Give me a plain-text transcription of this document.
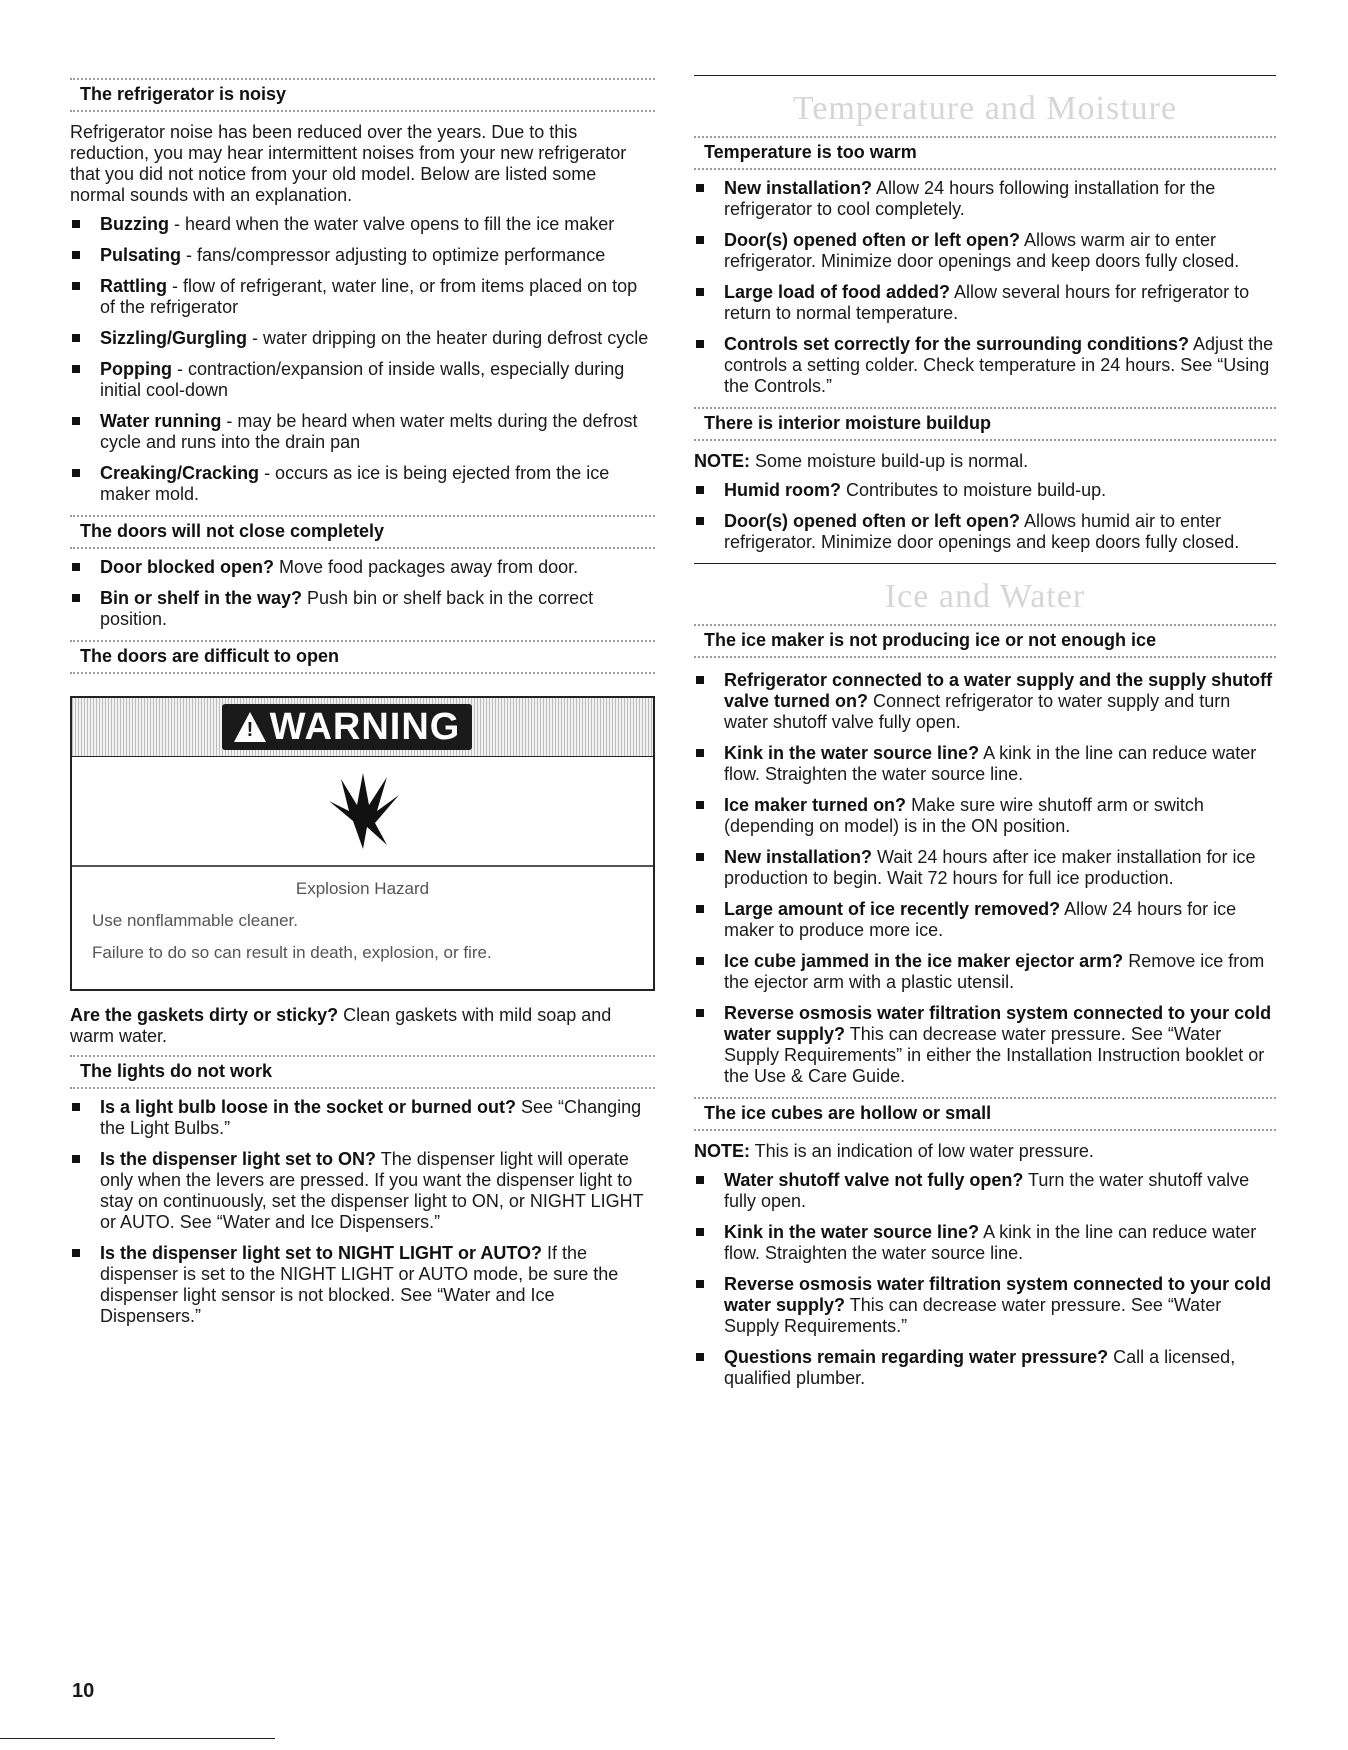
The refrigerator is noisy

Refrigerator noise has been reduced over the years. Due to this reduction, you may hear intermittent noises from your new refrigerator that you did not notice from your old model. Below are listed some normal sounds with an explanation.

Buzzing - heard when the water valve opens to fill the ice maker
Pulsating - fans/compressor adjusting to optimize performance
Rattling - flow of refrigerant, water line, or from items placed on top of the refrigerator
Sizzling/Gurgling - water dripping on the heater during defrost cycle
Popping - contraction/expansion of inside walls, especially during initial cool-down
Water running - may be heard when water melts during the defrost cycle and runs into the drain pan
Creaking/Cracking - occurs as ice is being ejected from the ice maker mold.
The doors will not close completely
Door blocked open? Move food packages away from door.
Bin or shelf in the way? Push bin or shelf back in the correct position.
The doors are difficult to open
! WARNING
Explosion Hazard

Use nonflammable cleaner.

Failure to do so can result in death, explosion, or fire.

Are the gaskets dirty or sticky? Clean gaskets with mild soap and warm water.

The lights do not work
Is a light bulb loose in the socket or burned out? See “Changing the Light Bulbs.”
Is the dispenser light set to ON? The dispenser light will operate only when the levers are pressed. If you want the dispenser light to stay on continuously, set the dispenser light to ON, or NIGHT LIGHT or AUTO. See “Water and Ice Dispensers.”
Is the dispenser light set to NIGHT LIGHT or AUTO? If the dispenser is set to the NIGHT LIGHT or AUTO mode, be sure the dispenser light sensor is not blocked. See “Water and Ice Dispensers.”
Temperature and Moisture
Temperature is too warm
New installation? Allow 24 hours following installation for the refrigerator to cool completely.
Door(s) opened often or left open? Allows warm air to enter refrigerator. Minimize door openings and keep doors fully closed.
Large load of food added? Allow several hours for refrigerator to return to normal temperature.
Controls set correctly for the surrounding conditions? Adjust the controls a setting colder. Check temperature in 24 hours. See “Using the Controls.”
There is interior moisture buildup

NOTE: Some moisture build-up is normal.

Humid room? Contributes to moisture build-up.
Door(s) opened often or left open? Allows humid air to enter refrigerator. Minimize door openings and keep doors fully closed.
Ice and Water
The ice maker is not producing ice or not enough ice
Refrigerator connected to a water supply and the supply shutoff valve turned on? Connect refrigerator to water supply and turn water shutoff valve fully open.
Kink in the water source line? A kink in the line can reduce water flow. Straighten the water source line.
Ice maker turned on? Make sure wire shutoff arm or switch (depending on model) is in the ON position.
New installation? Wait 24 hours after ice maker installation for ice production to begin. Wait 72 hours for full ice production.
Large amount of ice recently removed? Allow 24 hours for ice maker to produce more ice.
Ice cube jammed in the ice maker ejector arm? Remove ice from the ejector arm with a plastic utensil.
Reverse osmosis water filtration system connected to your cold water supply? This can decrease water pressure. See “Water Supply Requirements” in either the Installation Instruction booklet or the Use & Care Guide.
The ice cubes are hollow or small

NOTE: This is an indication of low water pressure.

Water shutoff valve not fully open? Turn the water shutoff valve fully open.
Kink in the water source line? A kink in the line can reduce water flow. Straighten the water source line.
Reverse osmosis water filtration system connected to your cold water supply? This can decrease water pressure. See “Water Supply Requirements.”
Questions remain regarding water pressure? Call a licensed, qualified plumber.

10
